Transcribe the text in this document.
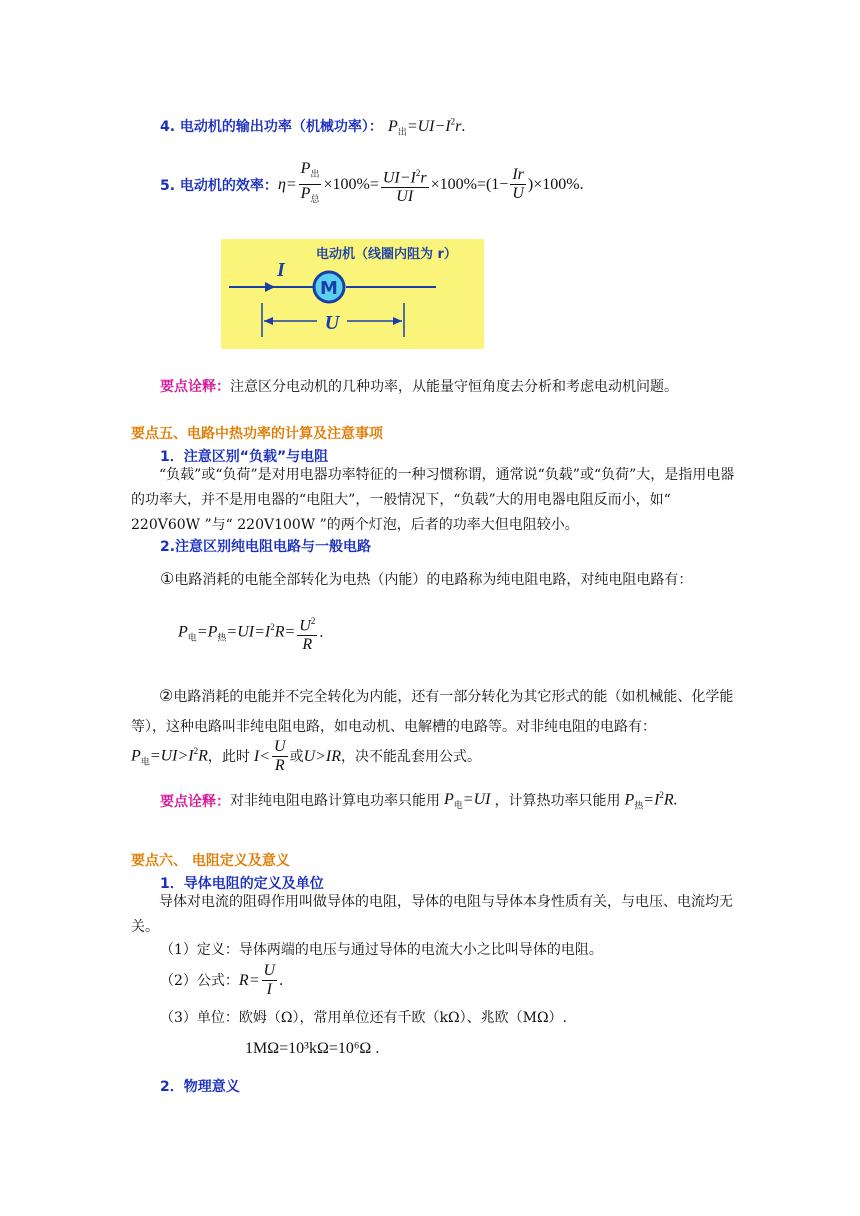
4. 电动机的输出功率（机械功率）： $P_出=UI-I^2r$.
5. 电动机的效率： $\eta= \frac{P_出}{P_总} \times 100\%= \frac{UI-I^2r}{UI} \times 100\%=(1- \frac{Ir}{U} )\times 100\%$ .
电动机（线圈内阻为 r）
I
M
U
要点诠释：注意区分电动机的几种功率，从能量守恒角度去分析和考虑电动机问题。
要点五、电路中热功率的计算及注意事项
1．注意区别“负载”与电阻
“负载”或“负荷”是对用电器功率特征的一种习惯称谓，通常说“负载”或“负荷”大，是指用电器的功率大，并不是用电器的“电阻大”，一般情况下，“负载”大的用电器电阻反而小，如“ 220V60W ”与“ 220V100W ”的两个灯泡，后者的功率大但电阻较小。
2.注意区别纯电阻电路与一般电路
①电路消耗的电能全部转化为电热（内能）的电路称为纯电阻电路，对纯电阻电路有：
$P_电=P_热=UI=I^2R= \frac{U^2}{R}$ .
②电路消耗的电能并不完全转化为内能，还有一部分转化为其它形式的能（如机械能、化学能等），这种电路叫非纯电阻电路，如电动机、电解槽的电路等。对非纯电阻的电路有：
$P_电=UI>I^2R$ ，此时 $I< \frac{U}{R}$ 或 U>IR ，决不能乱套用公式。
要点诠释： 对非纯电阻电路计算电功率只能用 $P_电=UI$ ，计算热功率只能用 $P_热=I^2R$.
要点六、 电阻定义及意义
1．导体电阻的定义及单位
导体对电流的阻碍作用叫做导体的电阻，导体的电阻与导体本身性质有关，与电压、电流均无关。
（1）定义：导体两端的电压与通过导体的电流大小之比叫导体的电阻。
（2）公式： $R= \frac{U}{I}$ .
（3）单位：欧姆（Ω），常用单位还有千欧（kΩ）、兆欧（MΩ）.
1MΩ=10³kΩ=10⁶Ω .
2．物理意义
